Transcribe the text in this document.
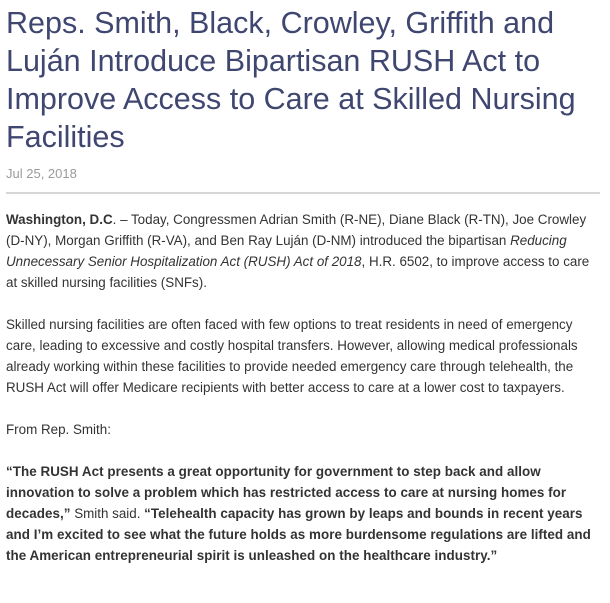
Reps. Smith, Black, Crowley, Griffith and Luján Introduce Bipartisan RUSH Act to Improve Access to Care at Skilled Nursing Facilities
Jul 25, 2018

Washington, D.C. – Today, Congressmen Adrian Smith (R-NE), Diane Black (R-TN), Joe Crowley (D-NY), Morgan Griffith (R-VA), and Ben Ray Luján (D-NM) introduced the bipartisan Reducing Unnecessary Senior Hospitalization Act (RUSH) Act of 2018, H.R. 6502, to improve access to care at skilled nursing facilities (SNFs).

Skilled nursing facilities are often faced with few options to treat residents in need of emergency care, leading to excessive and costly hospital transfers. However, allowing medical professionals already working within these facilities to provide needed emergency care through telehealth, the RUSH Act will offer Medicare recipients with better access to care at a lower cost to taxpayers.

From Rep. Smith:

“The RUSH Act presents a great opportunity for government to step back and allow innovation to solve a problem which has restricted access to care at nursing homes for decades,” Smith said. “Telehealth capacity has grown by leaps and bounds in recent years and I’m excited to see what the future holds as more burdensome regulations are lifted and the American entrepreneurial spirit is unleashed on the healthcare industry.”
